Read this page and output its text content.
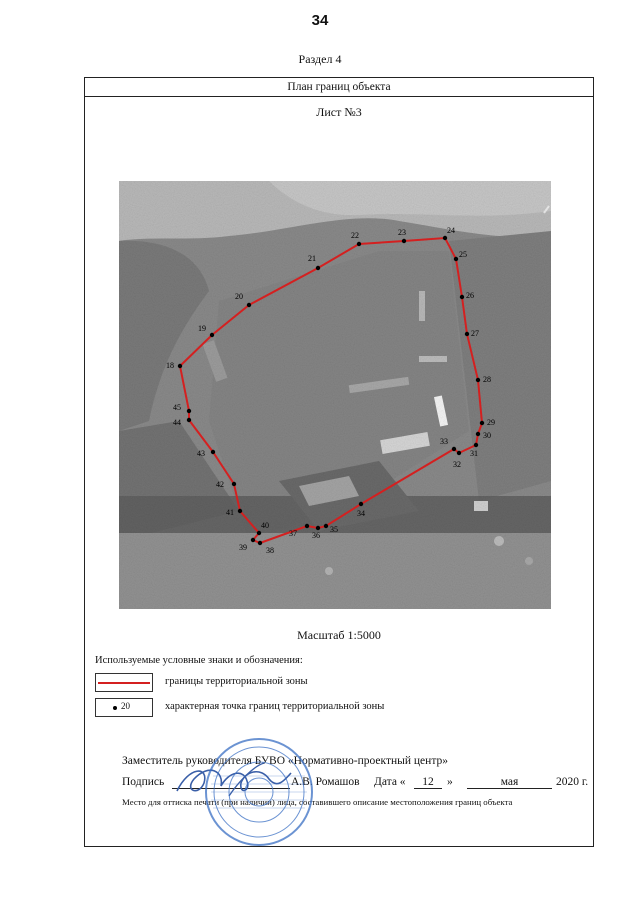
34
Раздел 4
План границ объекта
Лист №3
18
19
20
21
22	23	24
25
26
27
28
29
30
31
32
33
34
35
36
37
38
39
40
41
42
43
44
45
Масштаб 1:5000
Используемые условные знаки и обозначения:
границы территориальной зоны
20	характерная точка границ территориальной зоны
Заместитель руководителя БУВО «Нормативно-проектный центр»
Подпись	А.В. Ромашов Дата «	12	»	мая	2020 г.
Место для оттиска печати (при наличии) лица, составившего описание местоположения границ объекта
